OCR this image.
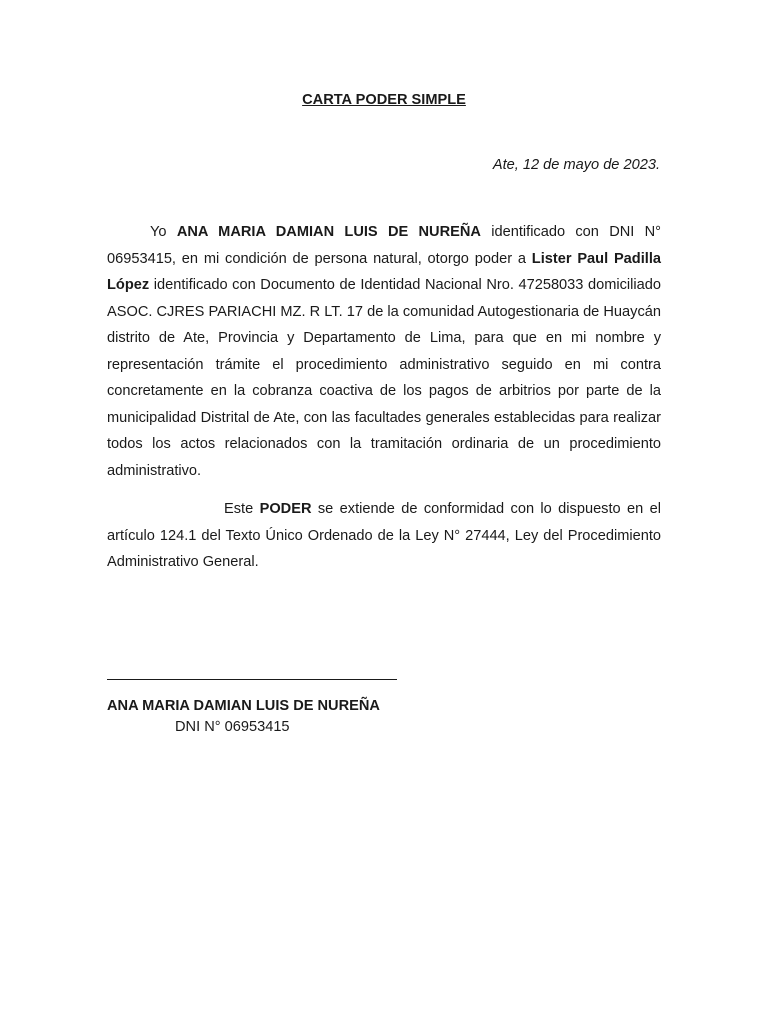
CARTA PODER SIMPLE
Ate, 12 de mayo de 2023.
Yo ANA MARIA DAMIAN LUIS DE NUREÑA identificado con DNI N° 06953415, en mi condición de persona natural, otorgo poder a Lister Paul Padilla López identificado con Documento de Identidad Nacional Nro. 47258033 domiciliado ASOC. CJRES PARIACHI MZ. R LT. 17 de la comunidad Autogestionaria de Huaycán distrito de Ate, Provincia y Departamento de Lima, para que en mi nombre y representación trámite el procedimiento administrativo seguido en mi contra concretamente en la cobranza coactiva de los pagos de arbitrios por parte de la municipalidad Distrital de Ate, con las facultades generales establecidas para realizar todos los actos relacionados con la tramitación ordinaria de un procedimiento administrativo.
Este PODER se extiende de conformidad con lo dispuesto en el artículo 124.1 del Texto Único Ordenado de la Ley N° 27444, Ley del Procedimiento Administrativo General.
ANA MARIA DAMIAN LUIS DE NUREÑA
DNI N° 06953415
